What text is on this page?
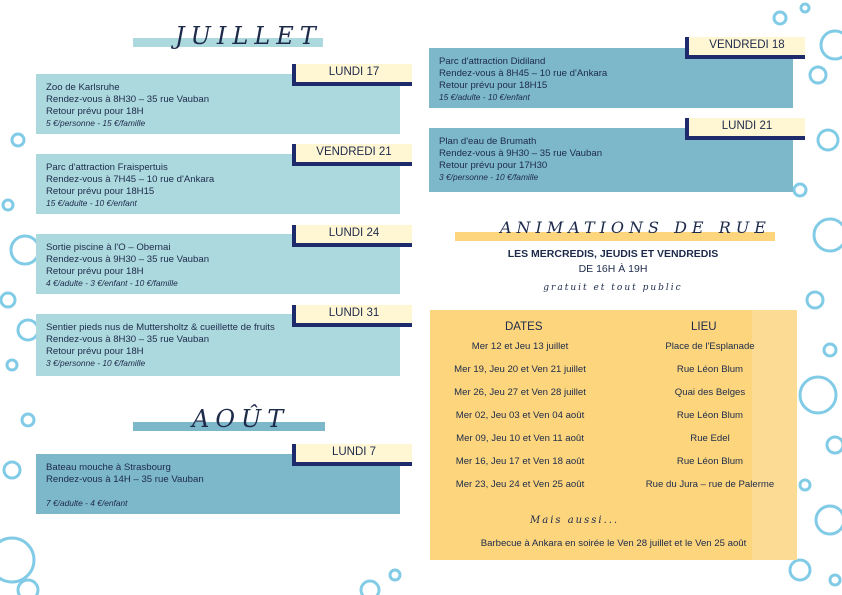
JUILLET
Zoo de Karlsruhe
Rendez-vous à 8H30 – 35 rue Vauban
Retour prévu pour 18H
5 €/personne - 15 €/famille
LUNDI 17
Parc d'attraction Fraispertuis
Rendez-vous à 7H45 – 10 rue d'Ankara
Retour prévu pour 18H15
15 €/adulte - 10 €/enfant
VENDREDI 21
Sortie piscine à l'O – Obernai
Rendez-vous à 9H30 – 35 rue Vauban
Retour prévu pour 18H
4 €/adulte - 3 €/enfant - 10 €/famille
LUNDI 24
Sentier pieds nus de Muttersholtz & cueillette de fruits
Rendez-vous à 8H30 – 35 rue Vauban
Retour prévu pour 18H
3 €/personne - 10 €/famille
LUNDI 31
AOÛT
Bateau mouche à Strasbourg
Rendez-vous à 14H – 35 rue Vauban
7 €/adulte - 4 €/enfant
LUNDI 7
Parc d'attraction Didiland
Rendez-vous à 8H45 – 10 rue d'Ankara
Retour prévu pour 18H15
15 €/adulte - 10 €/enfant
VENDREDI 18
Plan d'eau de Brumath
Rendez-vous à 9H30 – 35 rue Vauban
Retour prévu pour 17H30
3 €/personne - 10 €/famille
LUNDI 21
ANIMATIONS DE RUE
LES MERCREDIS, JEUDIS ET VENDREDIS
DE 16H À 19H
gratuit et tout public
DATES	LIEU
Mer 12 et Jeu 13 juillet	Place de l'Esplanade
Mer 19, Jeu 20 et Ven 21 juillet	Rue Léon Blum
Mer 26, Jeu 27 et Ven 28 juillet	Quai des Belges
Mer 02, Jeu 03 et Ven 04 août	Rue Léon Blum
Mer 09, Jeu 10 et Ven 11 août	Rue Edel
Mer 16, Jeu 17 et Ven 18 août	Rue Léon Blum
Mer 23, Jeu 24 et Ven 25 août	Rue du Jura – rue de Palerme
Mais aussi...
Barbecue à Ankara en soirée le Ven 28 juillet et le Ven 25 août
